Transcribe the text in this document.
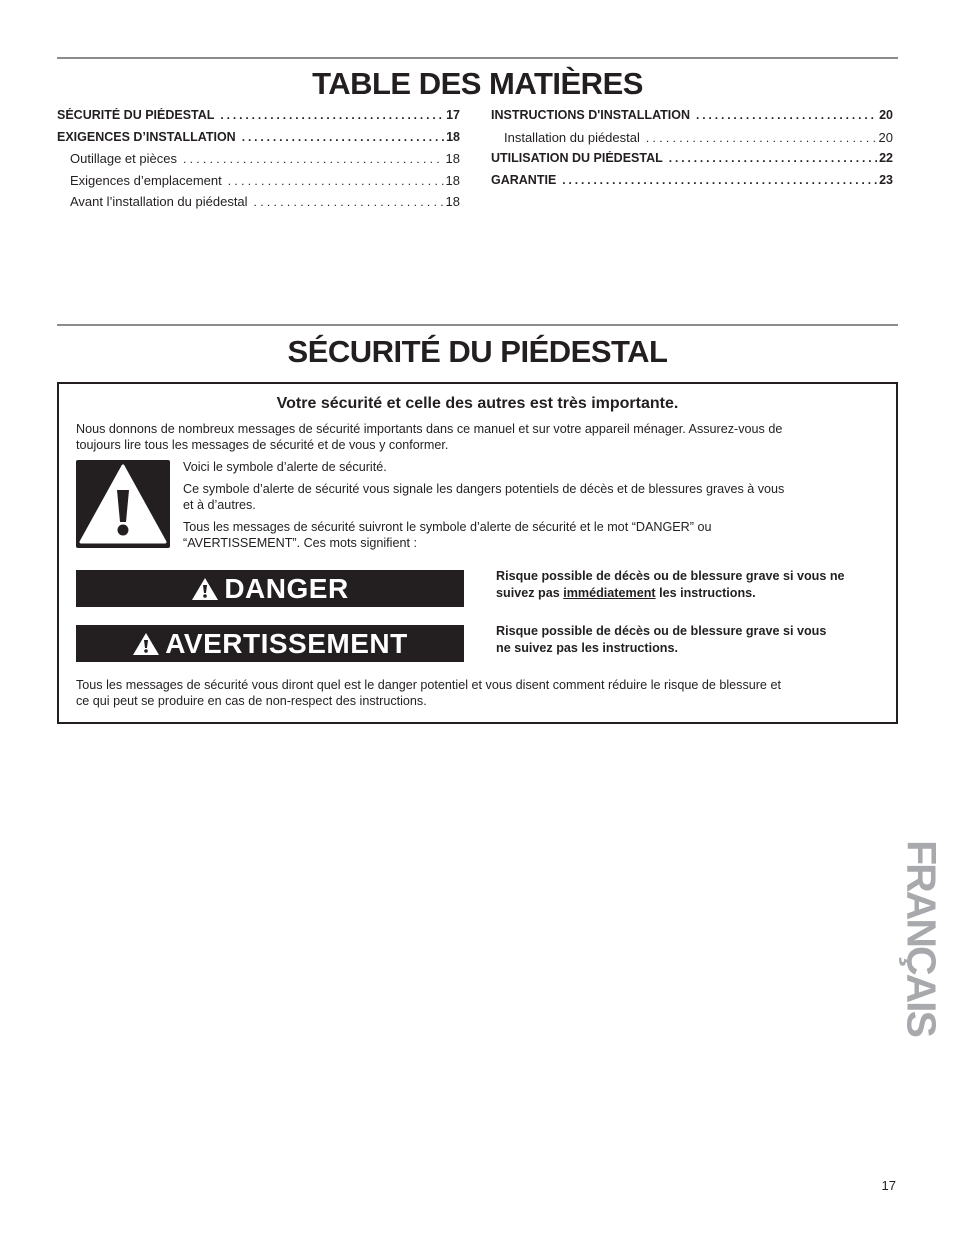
TABLE DES MATIÈRES
SÉCURITÉ DU PIÉDESTAL .....	17
EXIGENCES D’INSTALLATION .....	18
Outillage et pièces . . .	18
Exigences d’emplacement . . .	18
Avant l’installation du piédestal . . .	18
INSTRUCTIONS D'INSTALLATION .....	20
Installation du piédestal . . .	20
UTILISATION DU PIÉDESTAL .....	22
GARANTIE .....	23
SÉCURITÉ DU PIÉDESTAL
Votre sécurité et celle des autres est très importante.
Nous donnons de nombreux messages de sécurité importants dans ce manuel et sur votre appareil ménager. Assurez-vous de
toujours lire tous les messages de sécurité et de vous y conformer.
Voici le symbole d’alerte de sécurité.
Ce symbole d’alerte de sécurité vous signale les dangers potentiels de décès et de blessures graves à vous
et à d’autres.
Tous les messages de sécurité suivront le symbole d’alerte de sécurité et le mot “DANGER” ou
“AVERTISSEMENT”. Ces mots signifient :
DANGER	Risque possible de décès ou de blessure grave si vous ne
suivez pas immédiatement les instructions.
AVERTISSEMENT	Risque possible de décès ou de blessure grave si vous
ne suivez pas les instructions.
Tous les messages de sécurité vous diront quel est le danger potentiel et vous disent comment réduire le risque de blessure et
ce qui peut se produire en cas de non-respect des instructions.
FRANÇAIS
17
